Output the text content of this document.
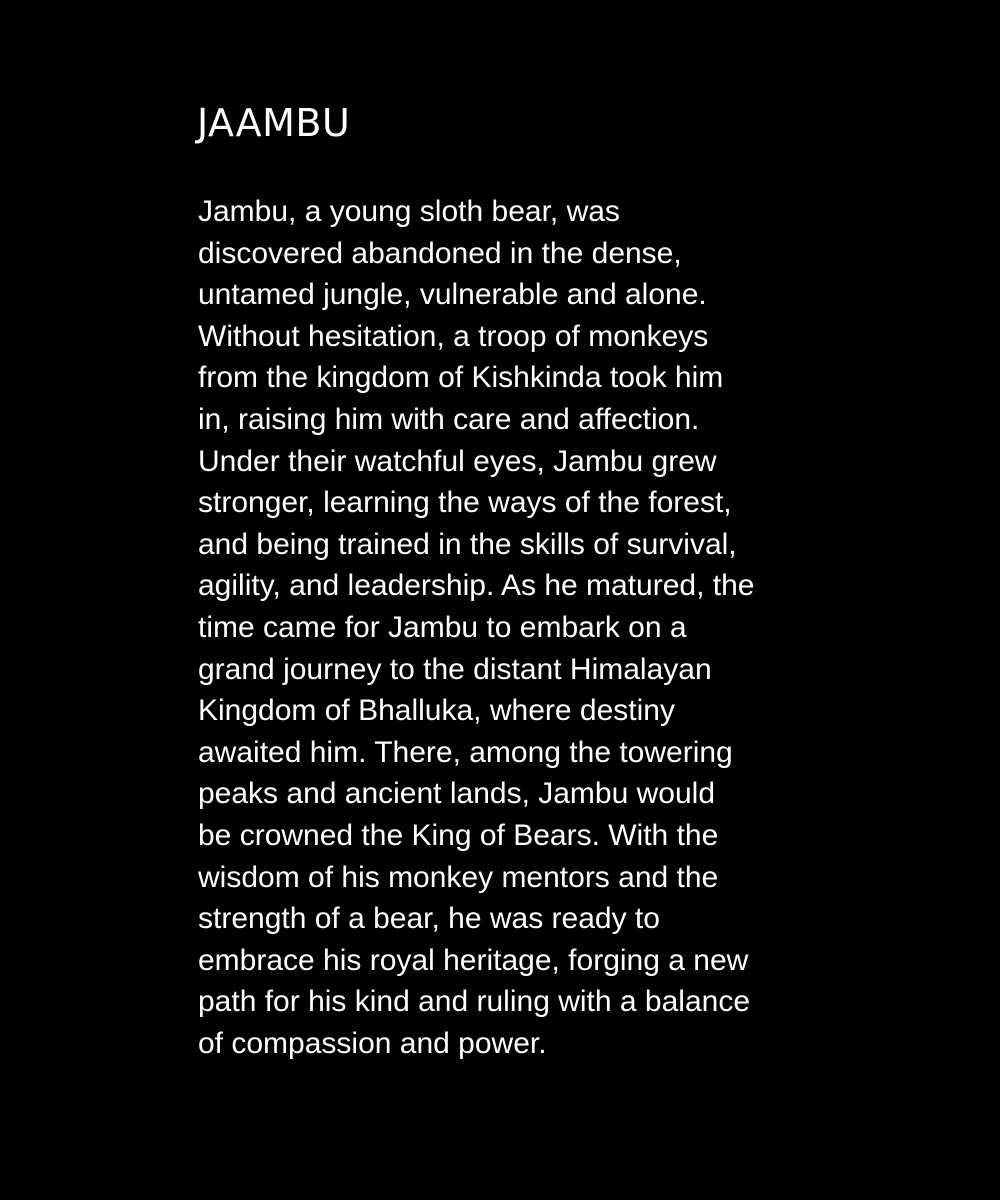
JAAMBU

Jambu, a young sloth bear, was
discovered abandoned in the dense,
untamed jungle, vulnerable and alone.
Without hesitation, a troop of monkeys
from the kingdom of Kishkinda took him
in, raising him with care and affection.
Under their watchful eyes, Jambu grew
stronger, learning the ways of the forest,
and being trained in the skills of survival,
agility, and leadership. As he matured, the
time came for Jambu to embark on a
grand journey to the distant Himalayan
Kingdom of Bhalluka, where destiny
awaited him. There, among the towering
peaks and ancient lands, Jambu would
be crowned the King of Bears. With the
wisdom of his monkey mentors and the
strength of a bear, he was ready to
embrace his royal heritage, forging a new
path for his kind and ruling with a balance
of compassion and power.
